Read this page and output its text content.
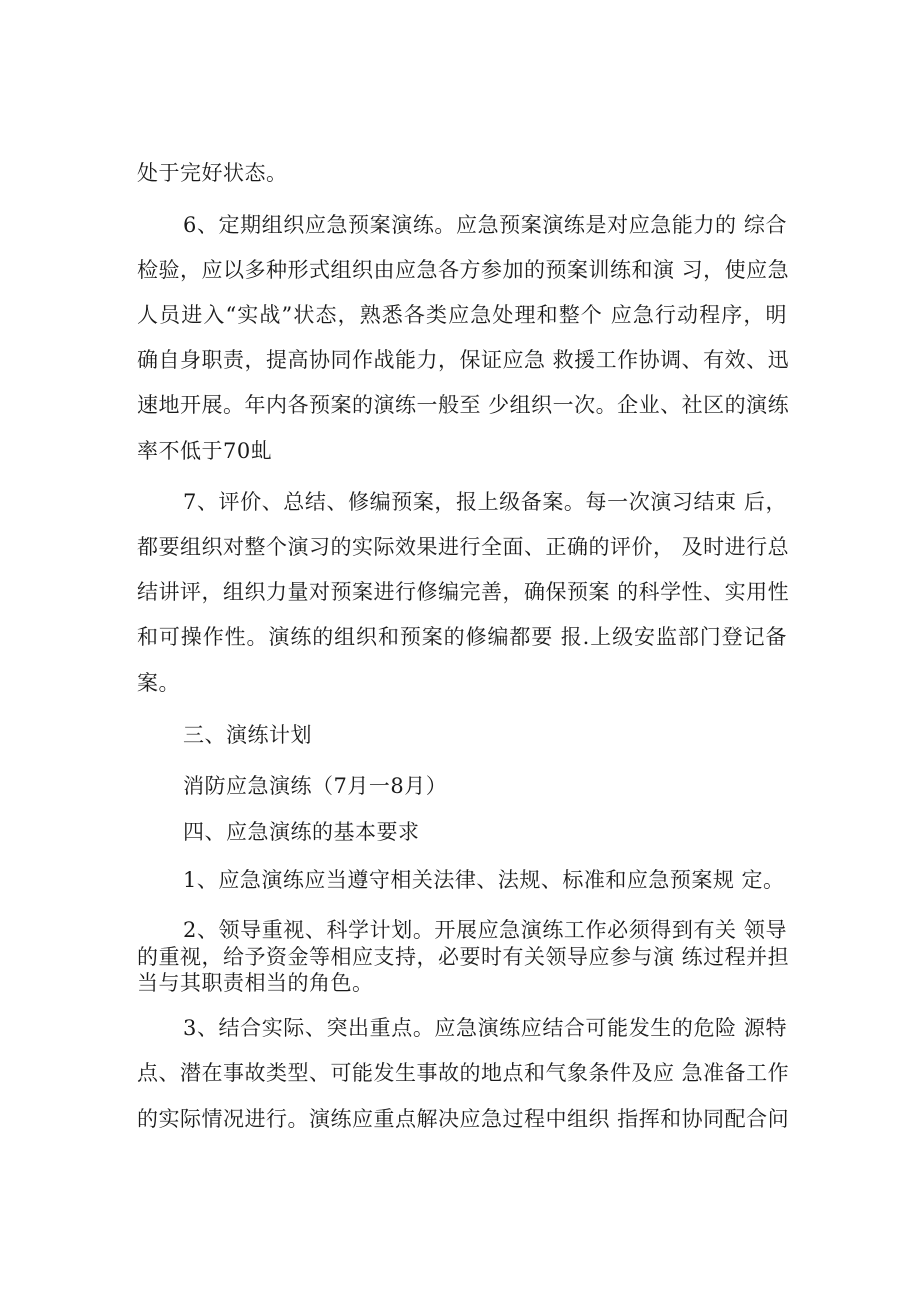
处于完好状态。
6、定期组织应急预案演练。应急预案演练是对应急能力的 综合
检验，应以多种形式组织由应急各方参加的预案训练和演 习，使应急
人员进入“实战”状态，熟悉各类应急处理和整个 应急行动程序，明
确自身职责，提高协同作战能力，保证应急 救援工作协调、有效、迅
速地开展。年内各预案的演练一般至 少组织一次。企业、社区的演练
率不低于70虬
7、评价、总结、修编预案，报上级备案。每一次演习结束 后，
都要组织对整个演习的实际效果进行全面、正确的评价， 及时进行总
结讲评，组织力量对预案进行修编完善，确保预案 的科学性、实用性
和可操作性。演练的组织和预案的修编都要 报.上级安监部门登记备
案。
三、演练计划
消防应急演练（7月一8月）
四、应急演练的基本要求
1、应急演练应当遵守相关法律、法规、标准和应急预案规 定。
2、领导重视、科学计划。开展应急演练工作必须得到有关 领导
的重视，给予资金等相应支持，必要时有关领导应参与演 练过程并担
当与其职责相当的角色。
3、结合实际、突出重点。应急演练应结合可能发生的危险 源特
点、潜在事故类型、可能发生事故的地点和气象条件及应 急准备工作
的实际情况进行。演练应重点解决应急过程中组织 指挥和协同配合问
